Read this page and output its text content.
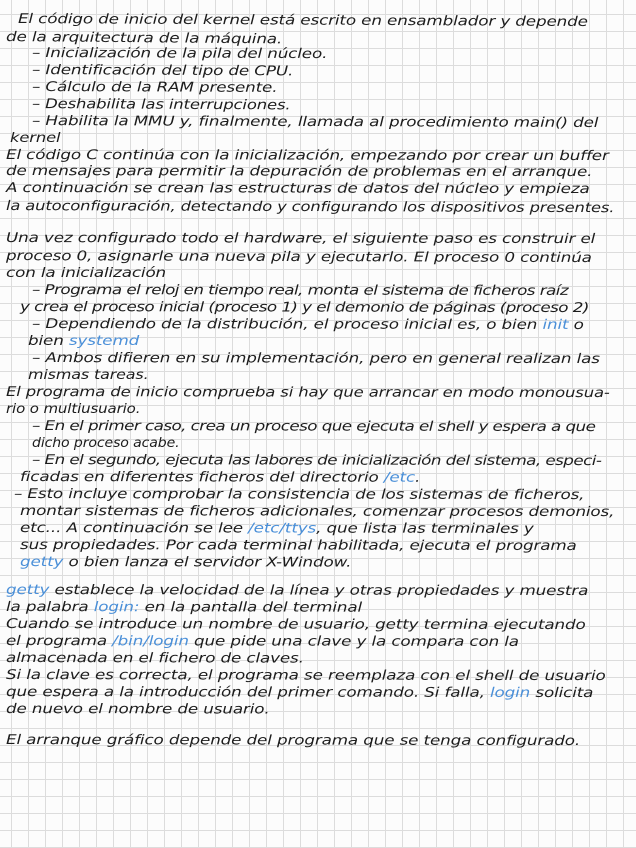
El código de inicio del kernel está escrito en ensamblador y depende
de la arquitectura de la máquina.
– Inicialización de la pila del núcleo.
– Identificación del tipo de CPU.
– Cálculo de la RAM presente.
– Deshabilita las interrupciones.
– Habilita la MMU y, finalmente, llamada al procedimiento main() del
kernel
El código C continúa con la inicialización, empezando por crear un buffer
de mensajes para permitir la depuración de problemas en el arranque.
A continuación se crean las estructuras de datos del núcleo y empieza
la autoconfiguración, detectando y configurando los dispositivos presentes.
Una vez configurado todo el hardware, el siguiente paso es construir el
proceso 0, asignarle una nueva pila y ejecutarlo. El proceso 0 continúa
con la inicialización
– Programa el reloj en tiempo real, monta el sistema de ficheros raíz
y crea el proceso inicial (proceso 1) y el demonio de páginas (proceso 2)
– Dependiendo de la distribución, el proceso inicial es, o bien init o
bien systemd
– Ambos difieren en su implementación, pero en general realizan las
mismas tareas.
El programa de inicio comprueba si hay que arrancar en modo monousua-
rio o multiusuario.
– En el primer caso, crea un proceso que ejecuta el shell y espera a que
dicho proceso acabe.
– En el segundo, ejecuta las labores de inicialización del sistema, especi-
ficadas en diferentes ficheros del directorio /etc.
– Esto incluye comprobar la consistencia de los sistemas de ficheros,
montar sistemas de ficheros adicionales, comenzar procesos demonios,
etc... A continuación se lee /etc/ttys, que lista las terminales y
sus propiedades. Por cada terminal habilitada, ejecuta el programa
getty o bien lanza el servidor X-Window.
getty establece la velocidad de la línea y otras propiedades y muestra
la palabra login: en la pantalla del terminal
Cuando se introduce un nombre de usuario, getty termina ejecutando
el programa /bin/login que pide una clave y la compara con la
almacenada en el fichero de claves.
Si la clave es correcta, el programa se reemplaza con el shell de usuario
que espera a la introducción del primer comando. Si falla, login solicita
de nuevo el nombre de usuario.
El arranque gráfico depende del programa que se tenga configurado.
